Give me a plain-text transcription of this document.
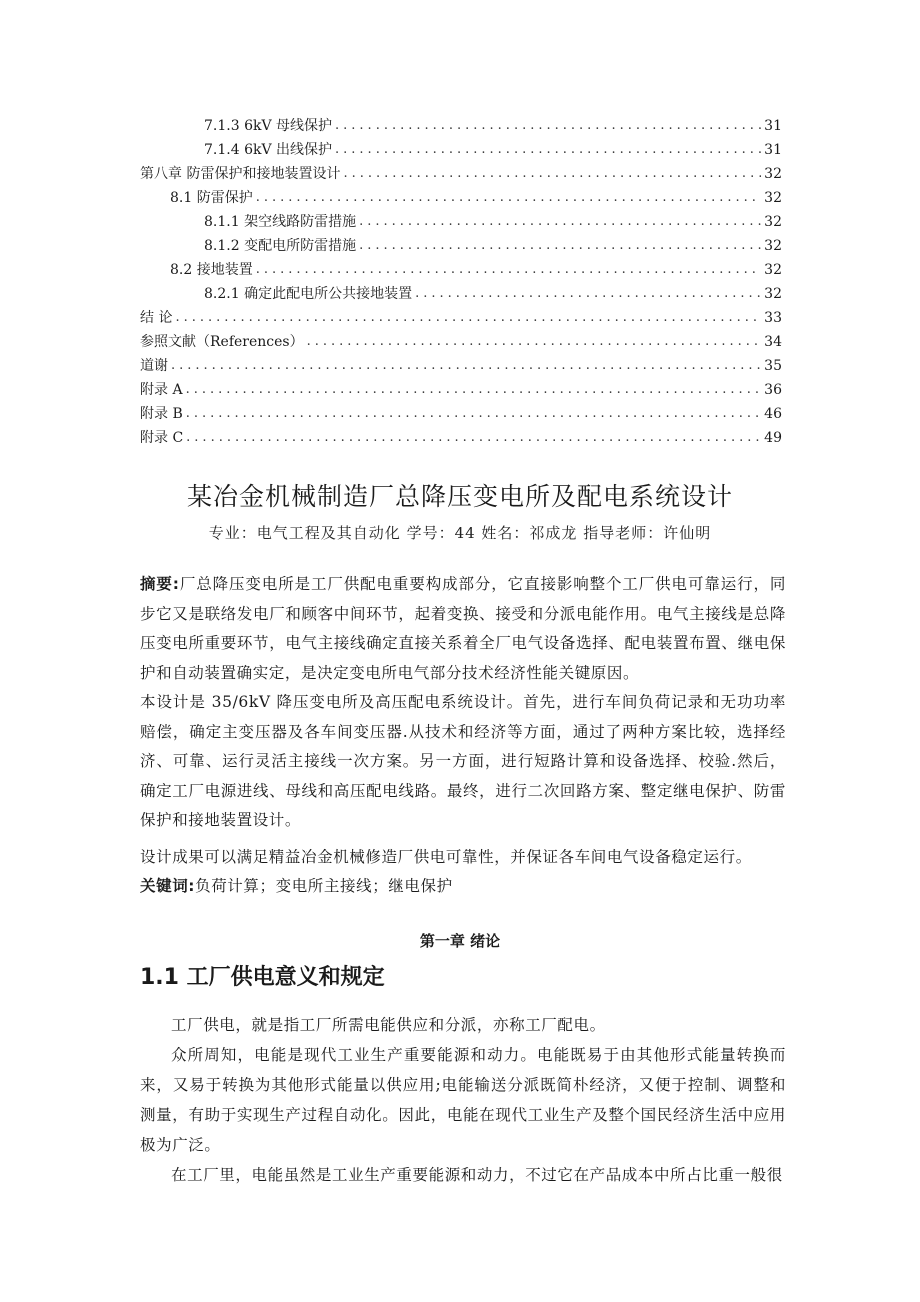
7.1.3 6kV 母线保护 .....	31
7.1.4 6kV 出线保护 .....	31
第八章 防雷保护和接地装置设计 .....	32
8.1 防雷保护 .....	32
8.1.1 架空线路防雷措施 .....	32
8.1.2 变配电所防雷措施 .....	32
8.2 接地装置 .....	32
8.2.1 确定此配电所公共接地装置 .....	32
结 论 .....	33
参照文献（References） .....	34
道谢 .....	35
附录 A .....	36
附录 B .....	46
附录 C .....	49
某冶金机械制造厂总降压变电所及配电系统设计
专业：电气工程及其自动化 学号：44 姓名：祁成龙 指导老师：许仙明
摘要:厂总降压变电所是工厂供配电重要构成部分，它直接影响整个工厂供电可靠运行，同步它又是联络发电厂和顾客中间环节，起着变换、接受和分派电能作用。电气主接线是总降压变电所重要环节，电气主接线确定直接关系着全厂电气设备选择、配电装置布置、继电保护和自动装置确实定，是决定变电所电气部分技术经济性能关键原因。
本设计是 35/6kV 降压变电所及高压配电系统设计。首先，进行车间负荷记录和无功功率赔偿，确定主变压器及各车间变压器.从技术和经济等方面，通过了两种方案比较，选择经济、可靠、运行灵活主接线一次方案。另一方面，进行短路计算和设备选择、校验.然后，确定工厂电源进线、母线和高压配电线路。最终，进行二次回路方案、整定继电保护、防雷保护和接地装置设计。
设计成果可以满足精益冶金机械修造厂供电可靠性，并保证各车间电气设备稳定运行。
关键词:负荷计算；变电所主接线；继电保护
第一章 绪论
1.1 工厂供电意义和规定

工厂供电，就是指工厂所需电能供应和分派，亦称工厂配电。

众所周知，电能是现代工业生产重要能源和动力。电能既易于由其他形式能量转换而来，又易于转换为其他形式能量以供应用;电能输送分派既简朴经济，又便于控制、调整和测量，有助于实现生产过程自动化。因此，电能在现代工业生产及整个国民经济生活中应用极为广泛。

在工厂里，电能虽然是工业生产重要能源和动力，不过它在产品成本中所占比重一般很
